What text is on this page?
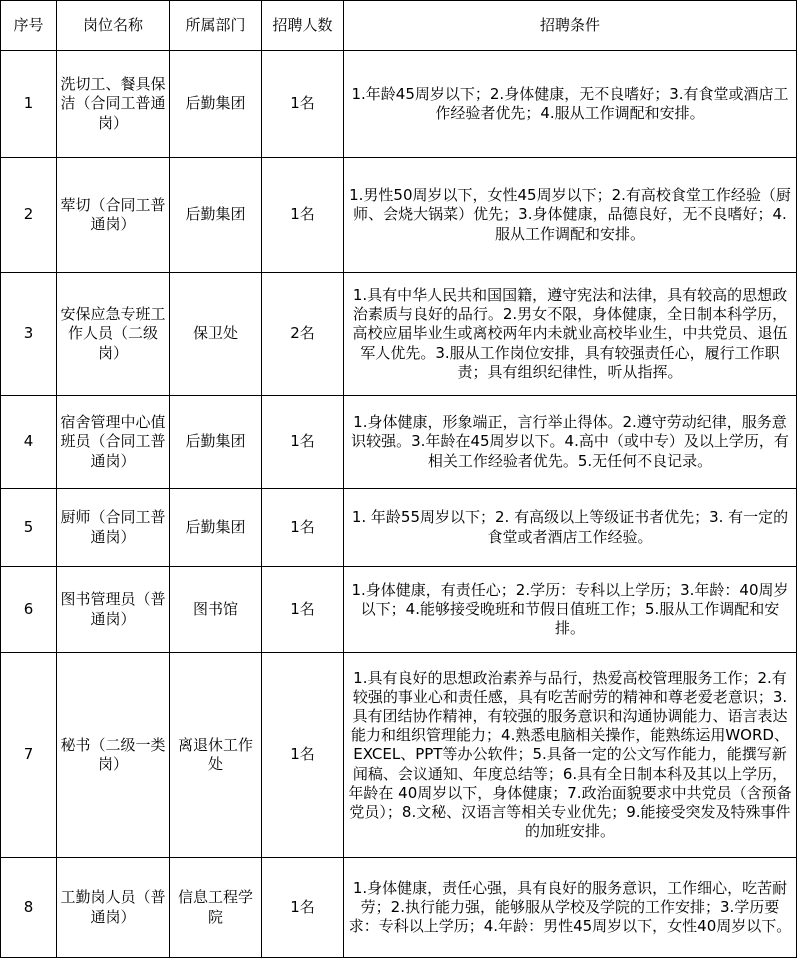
序号	岗位名称	所属部门	招聘人数	招聘条件
1	洗切工、餐具保洁（合同工普通岗）	后勤集团	1名	1.年龄45周岁以下；2.身体健康，无不良嗜好；3.有食堂或酒店工作经验者优先；4.服从工作调配和安排。
2	荤切（合同工普通岗）	后勤集团	1名	1.男性50周岁以下，女性45周岁以下；2.有高校食堂工作经验（厨师、会烧大锅菜）优先；3.身体健康，品德良好，无不良嗜好；4.服从工作调配和安排。
3	安保应急专班工作人员（二级岗）	保卫处	2名	1.具有中华人民共和国国籍，遵守宪法和法律，具有较高的思想政治素质与良好的品行。2.男女不限，身体健康，全日制本科学历，高校应届毕业生或离校两年内未就业高校毕业生，中共党员、退伍军人优先。3.服从工作岗位安排，具有较强责任心，履行工作职责；具有组织纪律性，听从指挥。
4	宿舍管理中心值班员（合同工普通岗）	后勤集团	1名	1.身体健康，形象端正，言行举止得体。2.遵守劳动纪律，服务意识较强。3.年龄在45周岁以下。4.高中（或中专）及以上学历，有相关工作经验者优先。5.无任何不良记录。
5	厨师（合同工普通岗）	后勤集团	1名	1. 年龄55周岁以下；2. 有高级以上等级证书者优先；3. 有一定的食堂或者酒店工作经验。
6	图书管理员（普通岗）	图书馆	1名	1.身体健康，有责任心；2.学历：专科以上学历；3.年龄：40周岁以下；4.能够接受晚班和节假日值班工作；5.服从工作调配和安排。
7	秘书（二级一类岗）	离退休工作处	1名	1.具有良好的思想政治素养与品行，热爱高校管理服务工作；2.有较强的事业心和责任感，具有吃苦耐劳的精神和尊老爱老意识；3.具有团结协作精神，有较强的服务意识和沟通协调能力、语言表达能力和组织管理能力；4.熟悉电脑相关操作，能熟练运用WORD、EXCEL、PPT等办公软件；5.具备一定的公文写作能力，能撰写新闻稿、会议通知、年度总结等；6.具有全日制本科及其以上学历，年龄在 40周岁以下，身体健康；7.政治面貌要求中共党员（含预备党员）；8.文秘、汉语言等相关专业优先；9.能接受突发及特殊事件的加班安排。
8	工勤岗人员（普通岗）	信息工程学院	1名	1.身体健康，责任心强，具有良好的服务意识，工作细心，吃苦耐劳；2.执行能力强，能够服从学校及学院的工作安排；3.学历要求：专科以上学历；4.年龄：男性45周岁以下，女性40周岁以下。
